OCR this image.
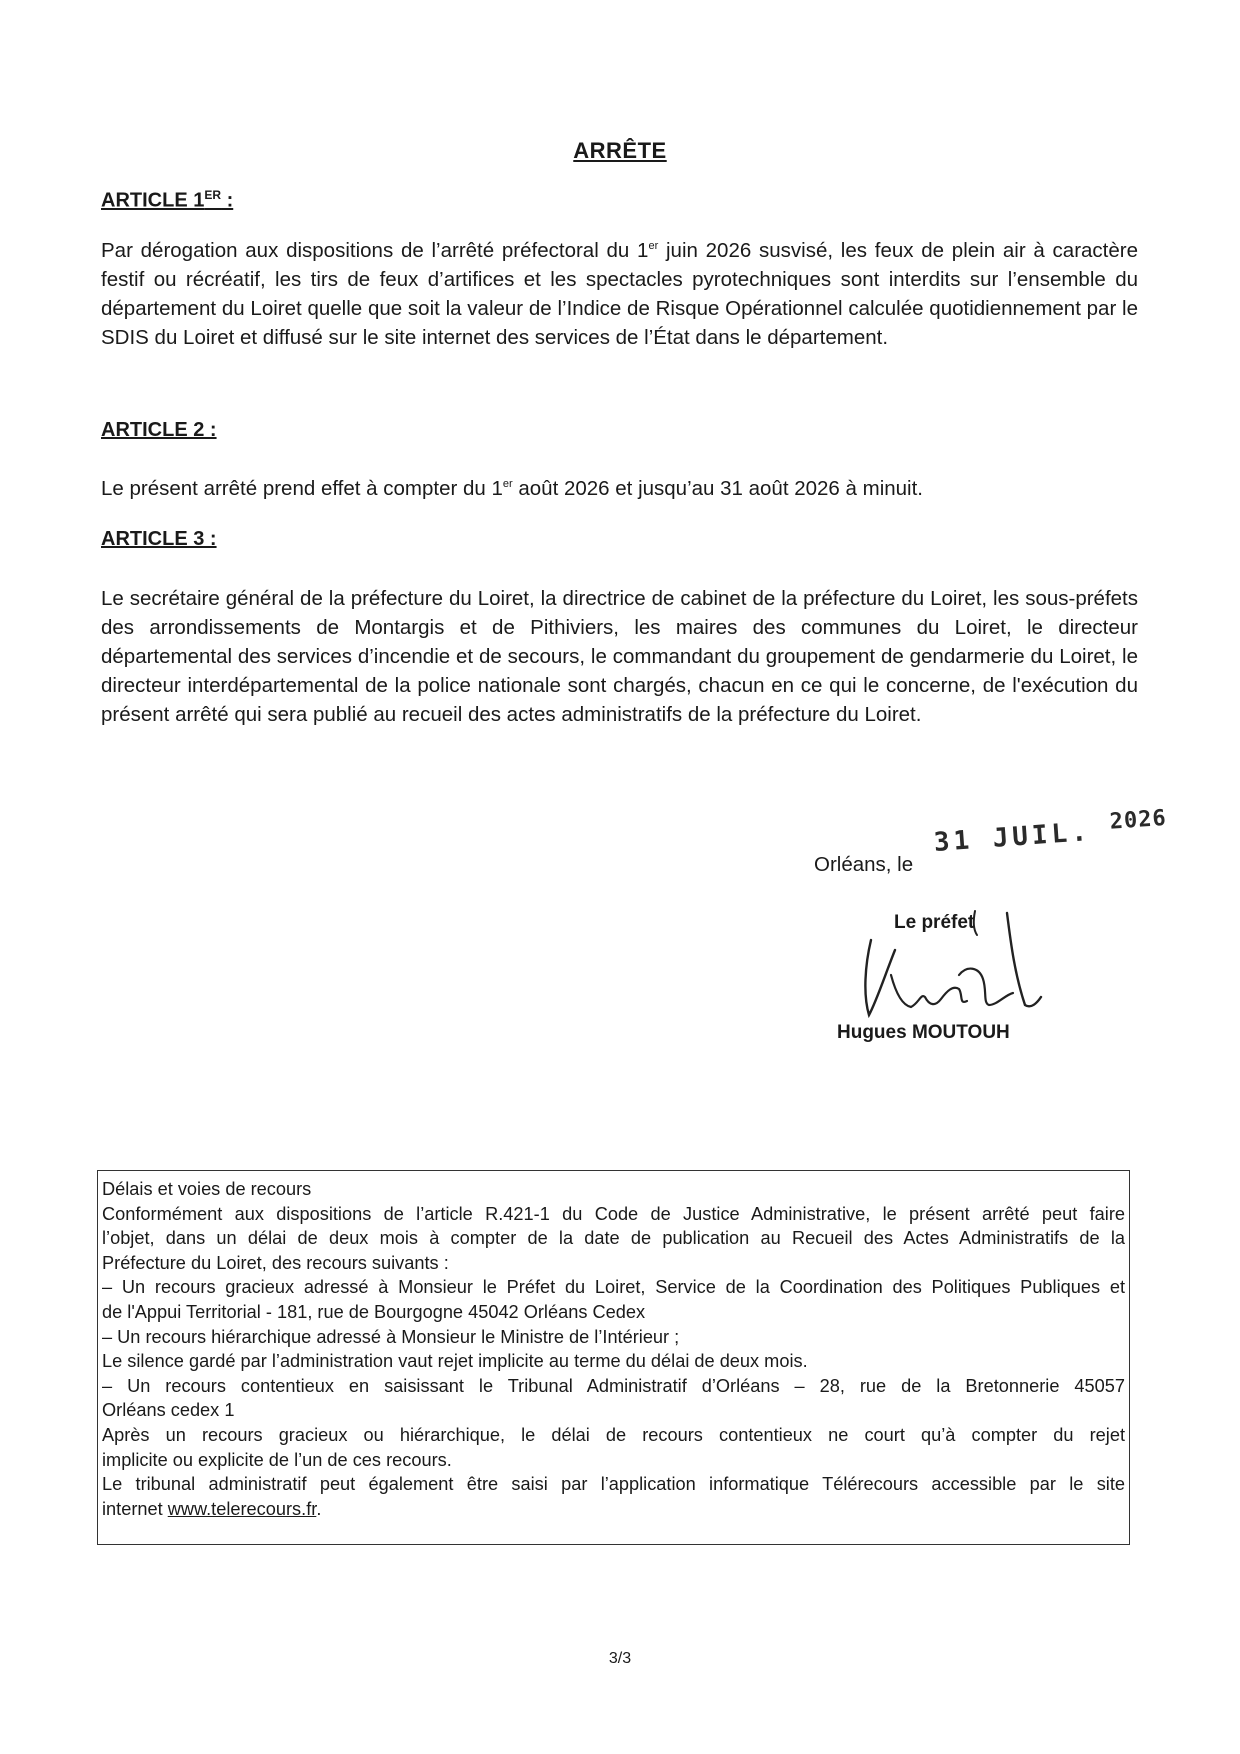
ARRÊTE
ARTICLE 1ER :
Par dérogation aux dispositions de l’arrêté préfectoral du 1er juin 2026 susvisé, les feux de plein air à caractère festif ou récréatif, les tirs de feux d’artifices et les spectacles pyrotechniques sont interdits sur l’ensemble du département du Loiret quelle que soit la valeur de l’Indice de Risque Opérationnel calculée quotidiennement par le SDIS du Loiret et diffusé sur le site internet des services de l’État dans le département.
ARTICLE 2 :
Le présent arrêté prend effet à compter du 1er août 2026 et jusqu’au 31 août 2026 à minuit.
ARTICLE 3 :
Le secrétaire général de la préfecture du Loiret, la directrice de cabinet de la préfecture du Loiret, les sous-préfets des arrondissements de Montargis et de Pithiviers, les maires des communes du Loiret, le directeur départemental des services d’incendie et de secours, le commandant du groupement de gendarmerie du Loiret, le directeur interdépartemental de la police nationale sont chargés, chacun en ce qui le concerne, de l'exécution du présent arrêté qui sera publié au recueil des actes administratifs de la préfecture du Loiret.
Orléans, le
31 JUIL. $^{2026}$
Le préfet
Hugues MOUTOUH
Délais et voies de recours
Conformément aux dispositions de l’article R.421-1 du Code de Justice Administrative, le présent arrêté peut faire
l’objet, dans un délai de deux mois à compter de la date de publication au Recueil des Actes Administratifs de la
Préfecture du Loiret, des recours suivants :
– Un recours gracieux adressé à Monsieur le Préfet du Loiret, Service de la Coordination des Politiques Publiques et
de l'Appui Territorial - 181, rue de Bourgogne 45042 Orléans Cedex
– Un recours hiérarchique adressé à Monsieur le Ministre de l’Intérieur ;
Le silence gardé par l’administration vaut rejet implicite au terme du délai de deux mois.
– Un recours contentieux en saisissant le Tribunal Administratif d’Orléans – 28, rue de la Bretonnerie 45057
Orléans cedex 1
Après un recours gracieux ou hiérarchique, le délai de recours contentieux ne court qu’à compter du rejet
implicite ou explicite de l’un de ces recours.
Le tribunal administratif peut également être saisi par l’application informatique Télérecours accessible par le site
internet www.telerecours.fr.
3/3
